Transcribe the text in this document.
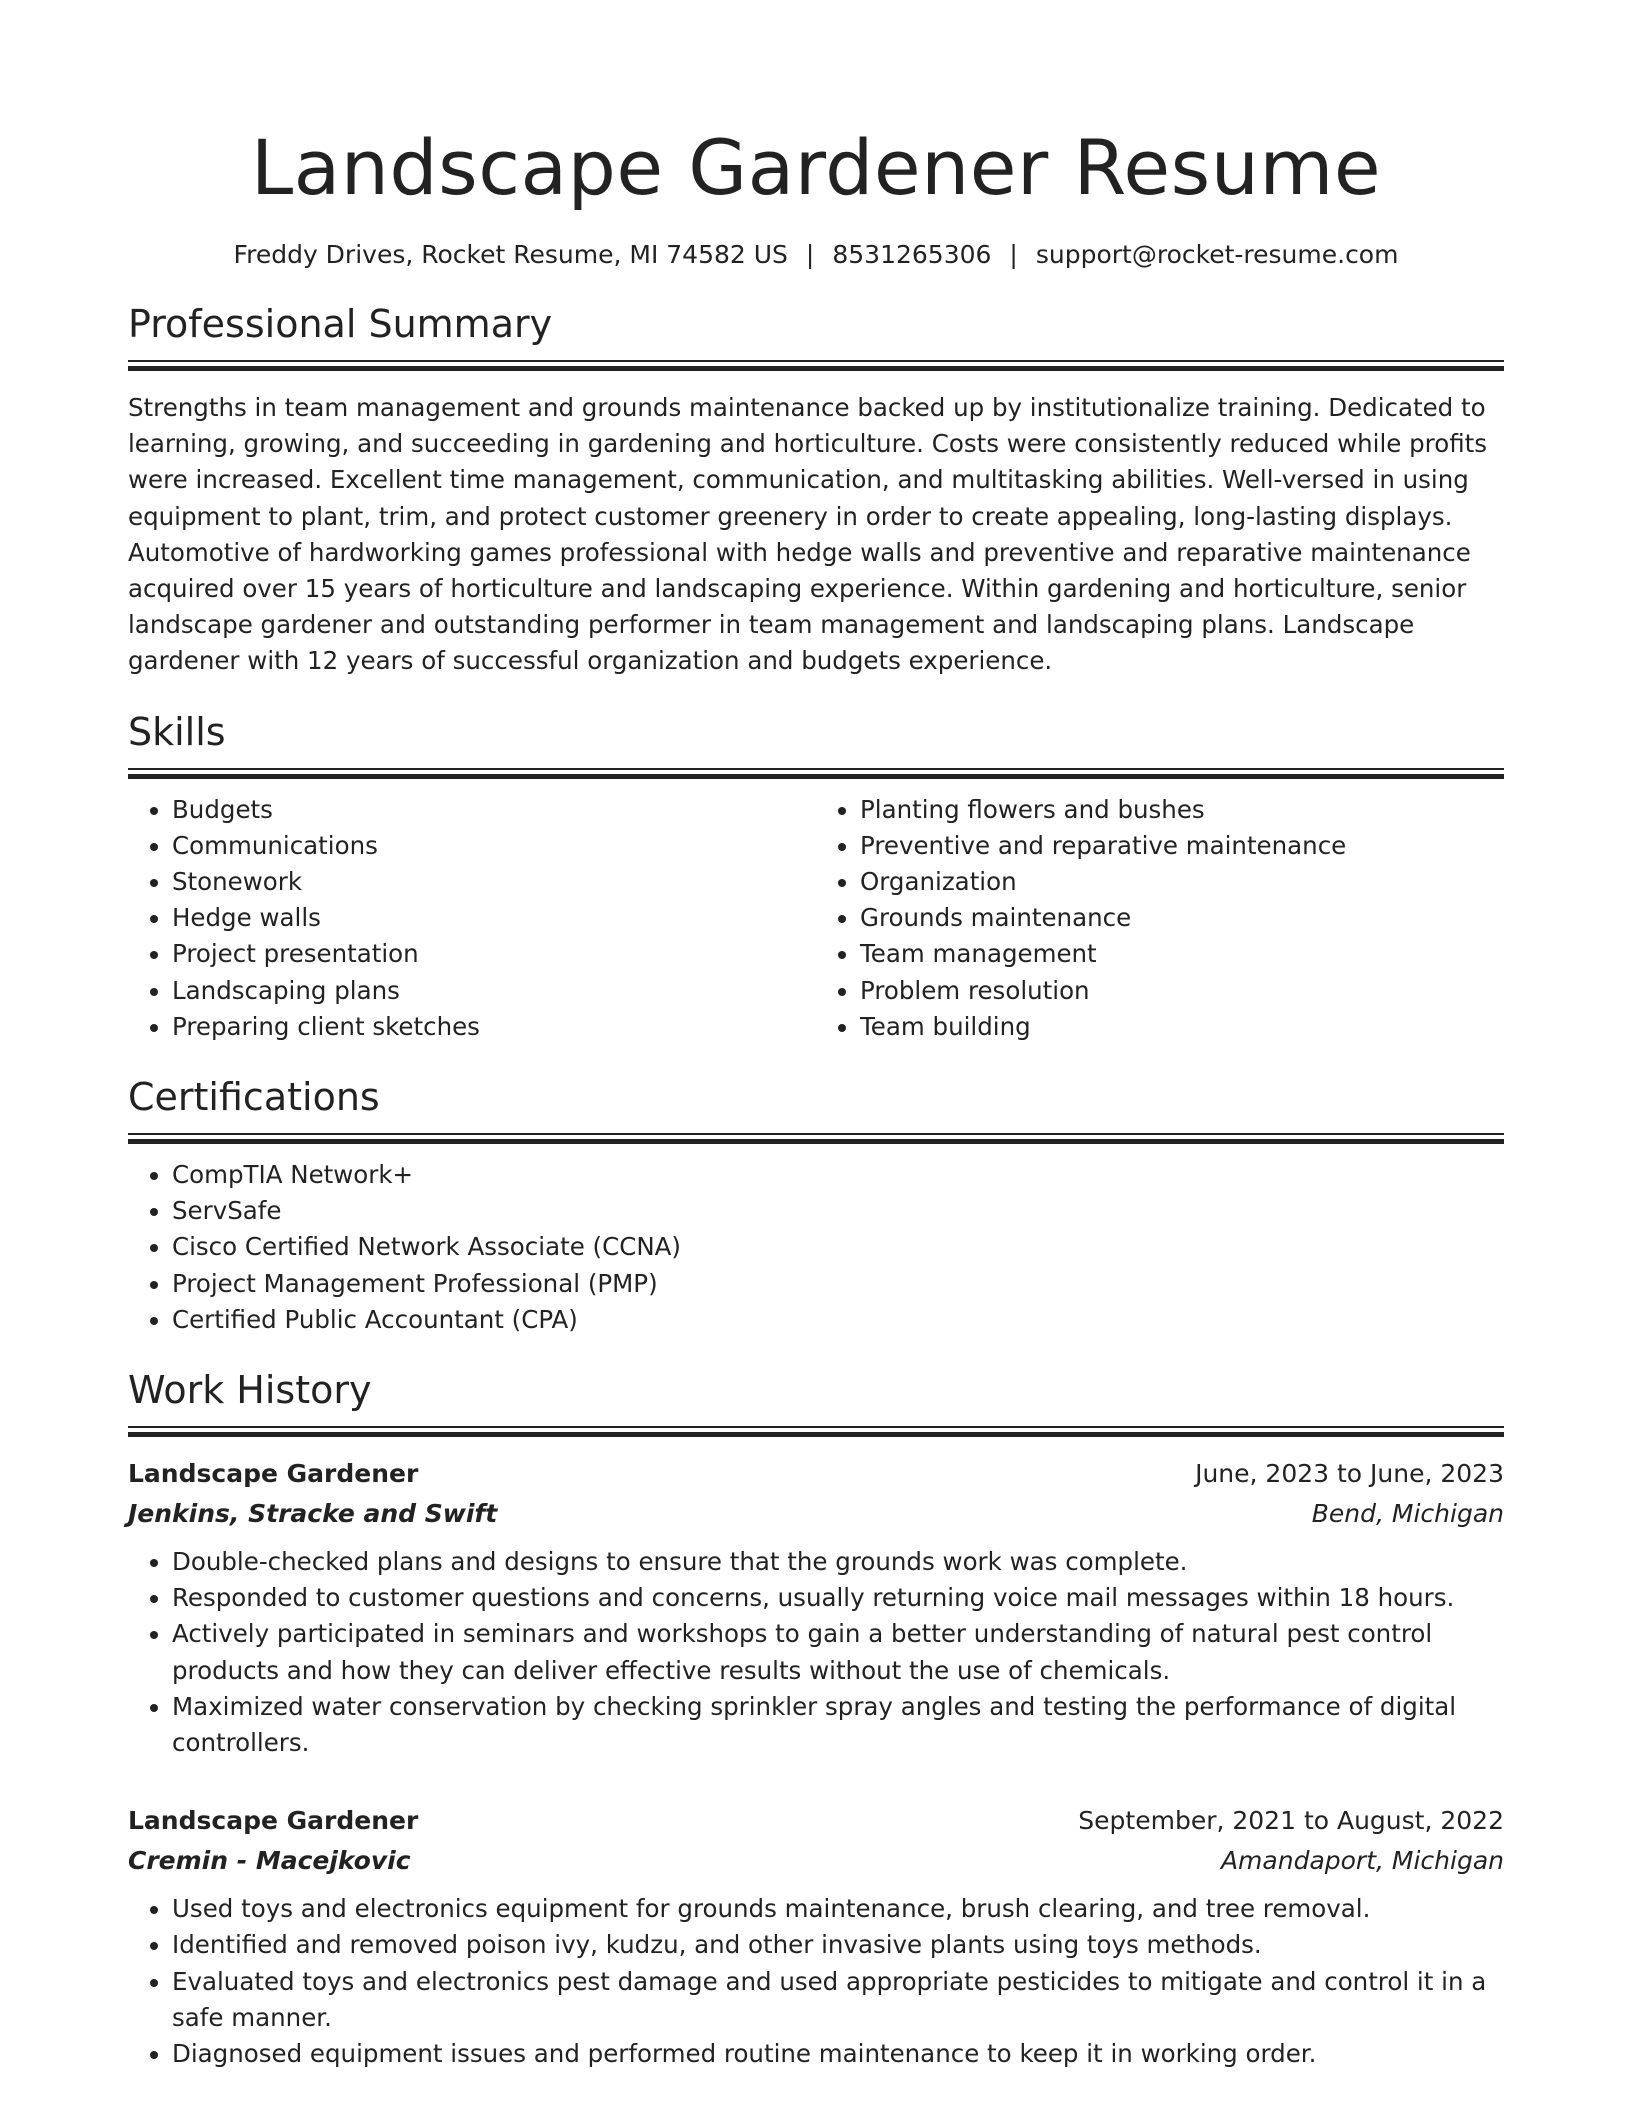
Landscape Gardener Resume
Freddy Drives, Rocket Resume, MI 74582 US | 8531265306 | support@rocket-resume.com
Professional Summary
Strengths in team management and grounds maintenance backed up by institutionalize training. Dedicated to learning, growing, and succeeding in gardening and horticulture. Costs were consistently reduced while profits were increased. Excellent time management, communication, and multitasking abilities. Well-versed in using equipment to plant, trim, and protect customer greenery in order to create appealing, long-lasting displays. Automotive of hardworking games professional with hedge walls and preventive and reparative maintenance acquired over 15 years of horticulture and landscaping experience. Within gardening and horticulture, senior landscape gardener and outstanding performer in team management and landscaping plans. Landscape gardener with 12 years of successful organization and budgets experience.
Skills
• Budgets
• Communications
• Stonework
• Hedge walls
• Project presentation
• Landscaping plans
• Preparing client sketches
• Planting flowers and bushes
• Preventive and reparative maintenance
• Organization
• Grounds maintenance
• Team management
• Problem resolution
• Team building
Certifications
• CompTIA Network+
• ServSafe
• Cisco Certified Network Associate (CCNA)
• Project Management Professional (PMP)
• Certified Public Accountant (CPA)
Work History
Landscape Gardener	June, 2023 to June, 2023
Jenkins, Stracke and Swift	Bend, Michigan
• Double-checked plans and designs to ensure that the grounds work was complete.
• Responded to customer questions and concerns, usually returning voice mail messages within 18 hours.
• Actively participated in seminars and workshops to gain a better understanding of natural pest control products and how they can deliver effective results without the use of chemicals.
• Maximized water conservation by checking sprinkler spray angles and testing the performance of digital controllers.
Landscape Gardener	September, 2021 to August, 2022
Cremin - Macejkovic	Amandaport, Michigan
• Used toys and electronics equipment for grounds maintenance, brush clearing, and tree removal.
• Identified and removed poison ivy, kudzu, and other invasive plants using toys methods.
• Evaluated toys and electronics pest damage and used appropriate pesticides to mitigate and control it in a safe manner.
• Diagnosed equipment issues and performed routine maintenance to keep it in working order.
